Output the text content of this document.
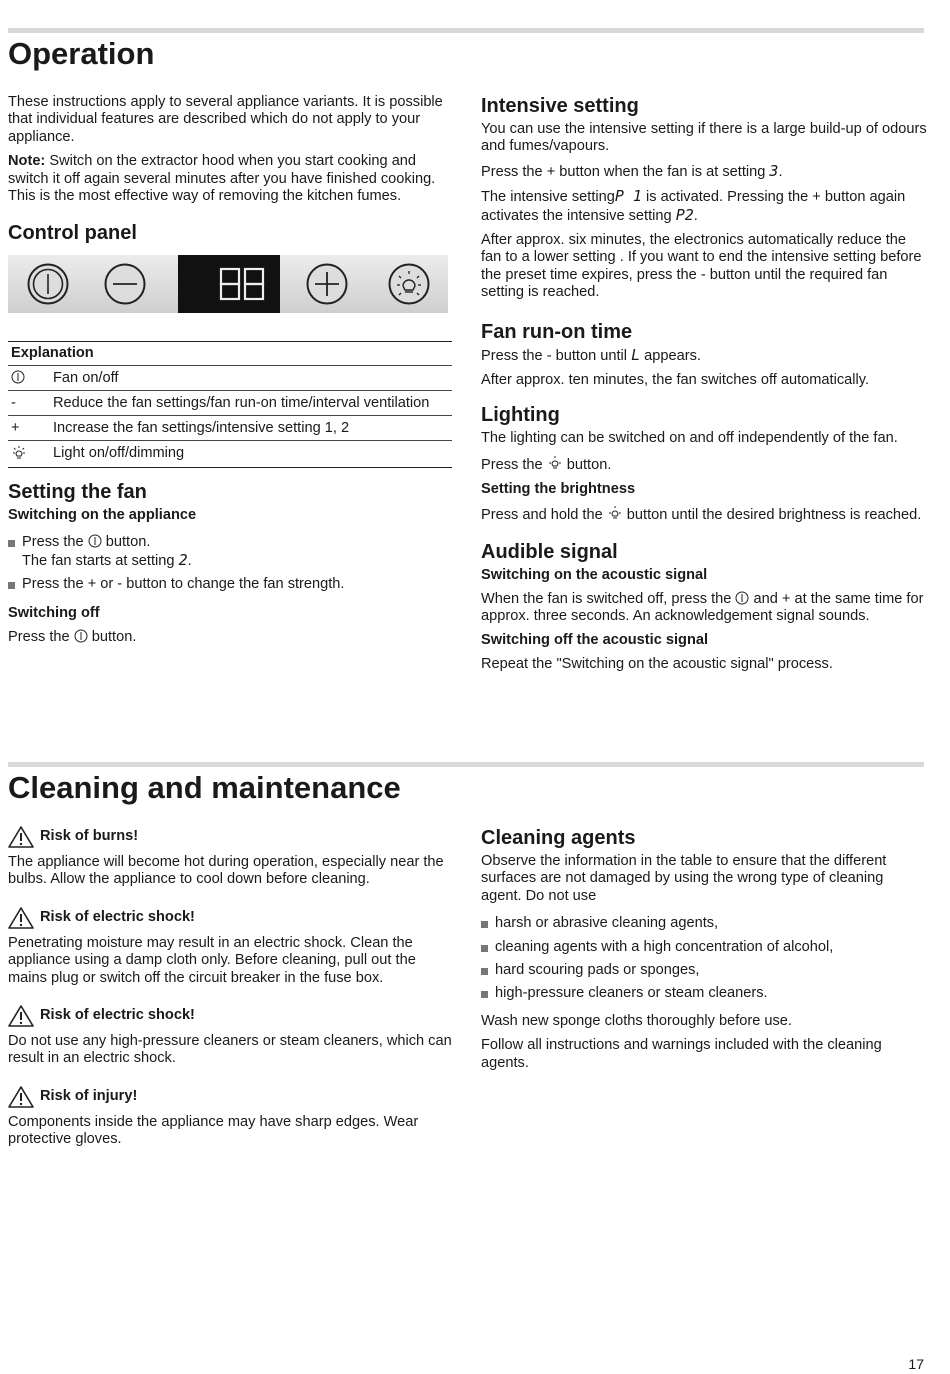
Operation

These instructions apply to several appliance variants. It is possible that individual features are described which do not apply to your appliance.

Note: Switch on the extractor hood when you start cooking and switch it off again several minutes after you have finished cooking. This is the most effective way of removing the kitchen fumes.

Control panel
Explanation	
	Fan on/off
-	Reduce the fan settings/fan run-on time/interval ventilation
+	Increase the fan settings/intensive setting 1, 2
	Light on/off/dimming
Setting the fan
Switching on the appliance
Press the  button.
The fan starts at setting 2.
Press the + or - button to change the fan strength.
Switching off

Press the  button.

Intensive setting

You can use the intensive setting if there is a large build-up of odours and fumes/vapours.

Press the + button when the fan is at setting 3.

The intensive settingP 1 is activated. Pressing the + button again activates the intensive setting P2.

After approx. six minutes, the electronics automatically reduce the fan to a lower setting . If you want to end the intensive setting before the preset time expires, press the - button until the required fan setting is reached.

Fan run-on time

Press the - button until L appears.

After approx. ten minutes, the fan switches off automatically.

Lighting

The lighting can be switched on and off independently of the fan.

Press the  button.

Setting the brightness

Press and hold the  button until the desired brightness is reached.

Audible signal
Switching on the acoustic signal

When the fan is switched off, press the  and + at the same time for approx. three seconds. An acknowledgement signal sounds.

Switching off the acoustic signal

Repeat the "Switching on the acoustic signal" process.

Cleaning and maintenance
Risk of burns!

The appliance will become hot during operation, especially near the bulbs. Allow the appliance to cool down before cleaning.

Risk of electric shock!

Penetrating moisture may result in an electric shock. Clean the appliance using a damp cloth only. Before cleaning, pull out the mains plug or switch off the circuit breaker in the fuse box.

Risk of electric shock!

Do not use any high-pressure cleaners or steam cleaners, which can result in an electric shock.

Risk of injury!

Components inside the appliance may have sharp edges. Wear protective gloves.

Cleaning agents

Observe the information in the table to ensure that the different surfaces are not damaged by using the wrong type of cleaning agent. Do not use

harsh or abrasive cleaning agents,
cleaning agents with a high concentration of alcohol,
hard scouring pads or sponges,
high-pressure cleaners or steam cleaners.

Wash new sponge cloths thoroughly before use.

Follow all instructions and warnings included with the cleaning agents.

17
